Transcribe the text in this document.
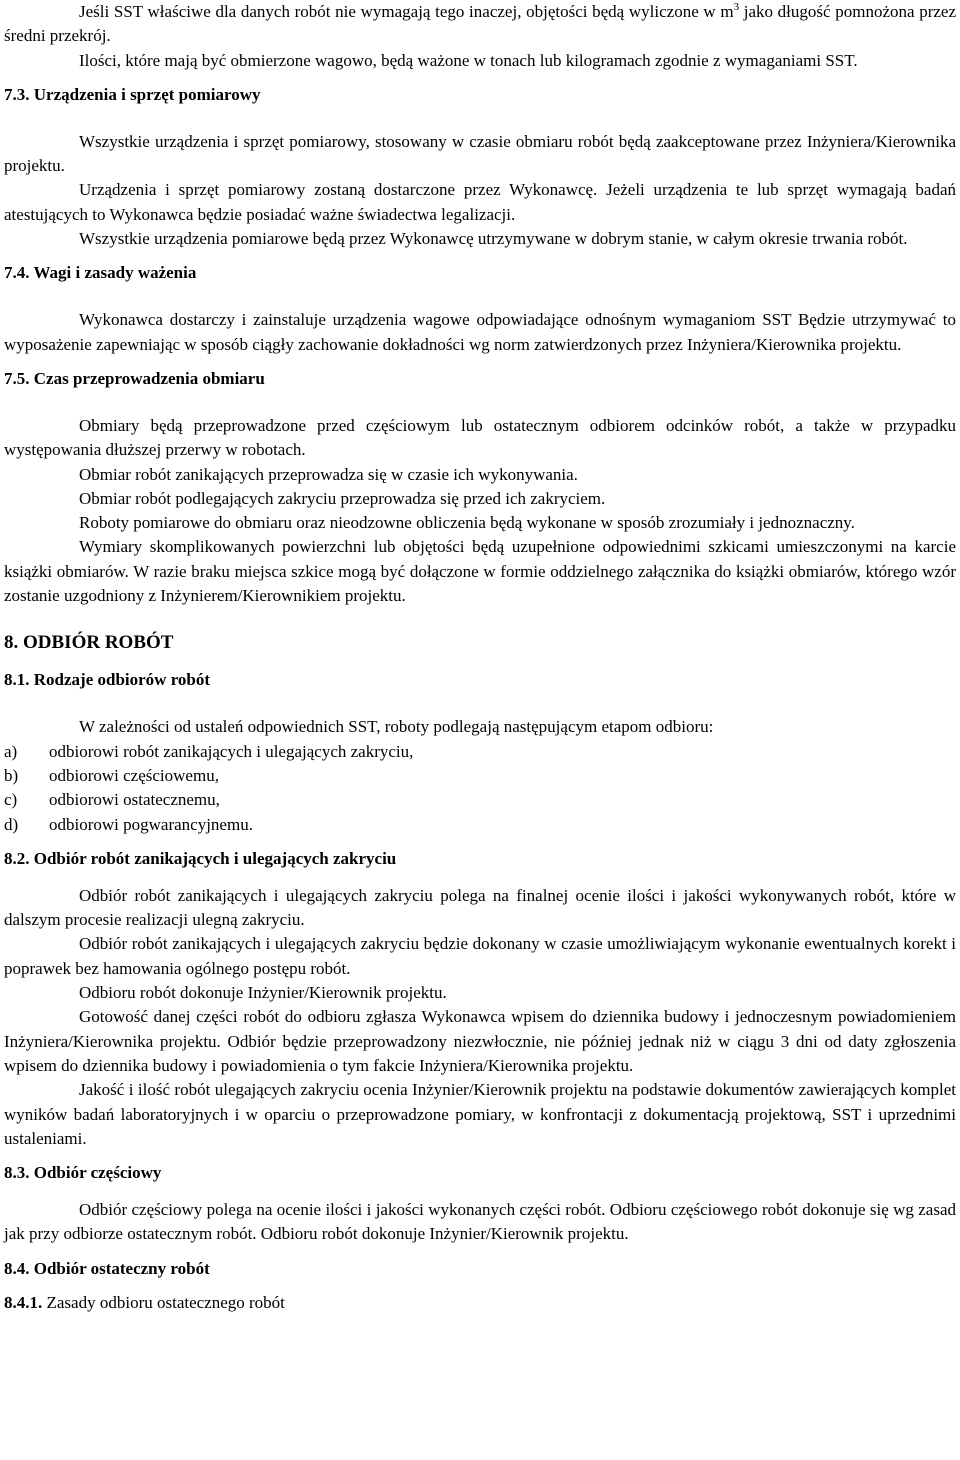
Jeśli SST właściwe dla danych robót nie wymagają tego inaczej, objętości będą wyliczone w $m^3$ jako długość pomnożona przez średni przekrój.

Ilości, które mają być obmierzone wagowo, będą ważone w tonach lub kilogramach zgodnie z wymaganiami SST.

7.3. Urządzenia i sprzęt pomiarowy

Wszystkie urządzenia i sprzęt pomiarowy, stosowany w czasie obmiaru robót będą zaakceptowane przez Inżyniera/Kierownika projektu.

Urządzenia i sprzęt pomiarowy zostaną dostarczone przez Wykonawcę. Jeżeli urządzenia te lub sprzęt wymagają badań atestujących to Wykonawca będzie posiadać ważne świadectwa legalizacji.

Wszystkie urządzenia pomiarowe będą przez Wykonawcę utrzymywane w dobrym stanie, w całym okresie trwania robót.

7.4. Wagi i zasady ważenia

Wykonawca dostarczy i zainstaluje urządzenia wagowe odpowiadające odnośnym wymaganiom SST Będzie utrzymywać to wyposażenie zapewniając w sposób ciągły zachowanie dokładności wg norm zatwierdzonych przez Inżyniera/Kierownika projektu.

7.5. Czas przeprowadzenia obmiaru

Obmiary będą przeprowadzone przed częściowym lub ostatecznym odbiorem odcinków robót, a także w przypadku występowania dłuższej przerwy w robotach.

Obmiar robót zanikających przeprowadza się w czasie ich wykonywania.

Obmiar robót podlegających zakryciu przeprowadza się przed ich zakryciem.

Roboty pomiarowe do obmiaru oraz nieodzowne obliczenia będą wykonane w sposób zrozumiały i jednoznaczny.

Wymiary skomplikowanych powierzchni lub objętości będą uzupełnione odpowiednimi szkicami umieszczonymi na karcie książki obmiarów. W razie braku miejsca szkice mogą być dołączone w formie oddzielnego załącznika do książki obmiarów, którego wzór zostanie uzgodniony z Inżynierem/Kierownikiem projektu.

8. ODBIÓR ROBÓT

8.1. Rodzaje odbiorów robót

W zależności od ustaleń odpowiednich SST, roboty podlegają następującym etapom odbioru:

a)	odbiorowi robót zanikających i ulegających zakryciu,
b)	odbiorowi częściowemu,
c)	odbiorowi ostatecznemu,
d)	odbiorowi pogwarancyjnemu.

8.2. Odbiór robót zanikających i ulegających zakryciu

Odbiór robót zanikających i ulegających zakryciu polega na finalnej ocenie ilości i jakości wykonywanych robót, które w dalszym procesie realizacji ulegną zakryciu.

Odbiór robót zanikających i ulegających zakryciu będzie dokonany w czasie umożliwiającym wykonanie ewentualnych korekt i poprawek bez hamowania ogólnego postępu robót.

Odbioru robót dokonuje Inżynier/Kierownik projektu.

Gotowość danej części robót do odbioru zgłasza Wykonawca wpisem do dziennika budowy i jednoczesnym powiadomieniem Inżyniera/Kierownika projektu. Odbiór będzie przeprowadzony niezwłocznie, nie później jednak niż w ciągu 3 dni od daty zgłoszenia wpisem do dziennika budowy i powiadomienia o tym fakcie Inżyniera/Kierownika projektu.

Jakość i ilość robót ulegających zakryciu ocenia Inżynier/Kierownik projektu na podstawie dokumentów zawierających komplet wyników badań laboratoryjnych i w oparciu o przeprowadzone pomiary, w konfrontacji z dokumentacją projektową, SST i uprzednimi ustaleniami.

8.3. Odbiór częściowy

Odbiór częściowy polega na ocenie ilości i jakości wykonanych części robót. Odbioru częściowego robót dokonuje się wg zasad jak przy odbiorze ostatecznym robót. Odbioru robót dokonuje Inżynier/Kierownik projektu.

8.4. Odbiór ostateczny robót

8.4.1. Zasady odbioru ostatecznego robót
